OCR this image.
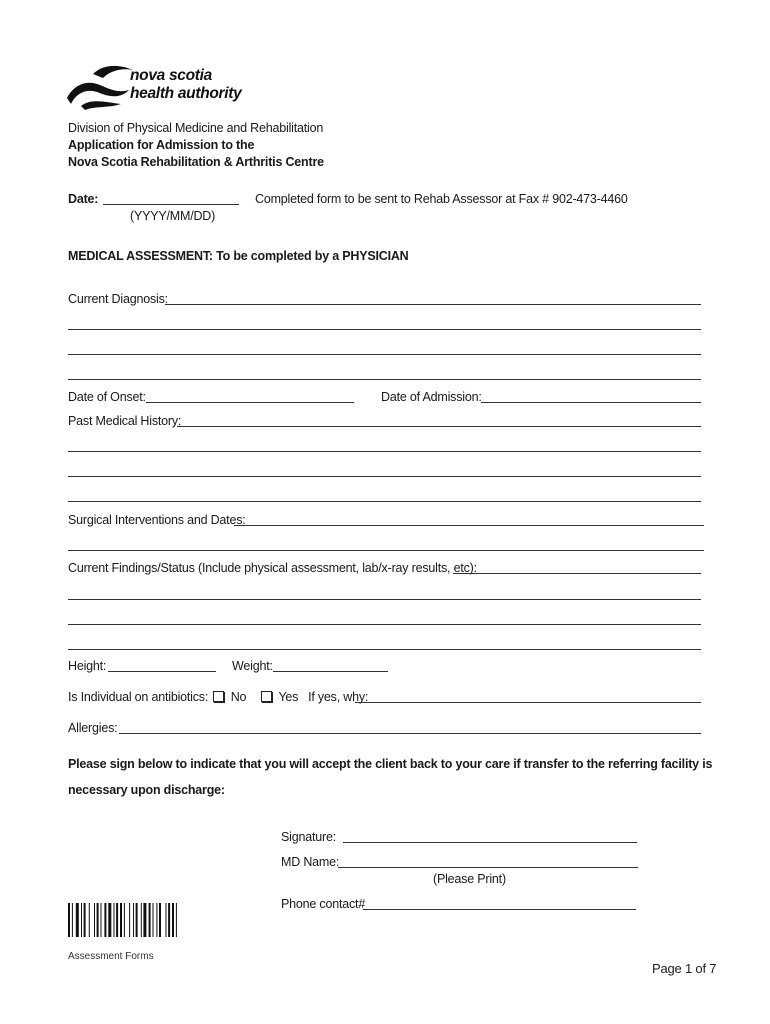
nova scotia
health authority
Division of Physical Medicine and Rehabilitation
Application for Admission to the
Nova Scotia Rehabilitation & Arthritis Centre
Date:	Completed form to be sent to Rehab Assessor at Fax # 902-473-4460
(YYYY/MM/DD)
MEDICAL ASSESSMENT: To be completed by a PHYSICIAN
Current Diagnosis:
Date of Onset:	Date of Admission:
Past Medical History:
Surgical Interventions and Dates:
Current Findings/Status (Include physical assessment, lab/x-ray results, etc):
Height:	Weight:
Is Individual on antibiotics: No	Yes If yes, why:
Allergies:
Please sign below to indicate that you will accept the client back to your care if transfer to the referring facility is
necessary upon discharge:
Signature:
MD Name:
(Please Print)
Phone contact#
Assessment Forms
Page 1 of 7
